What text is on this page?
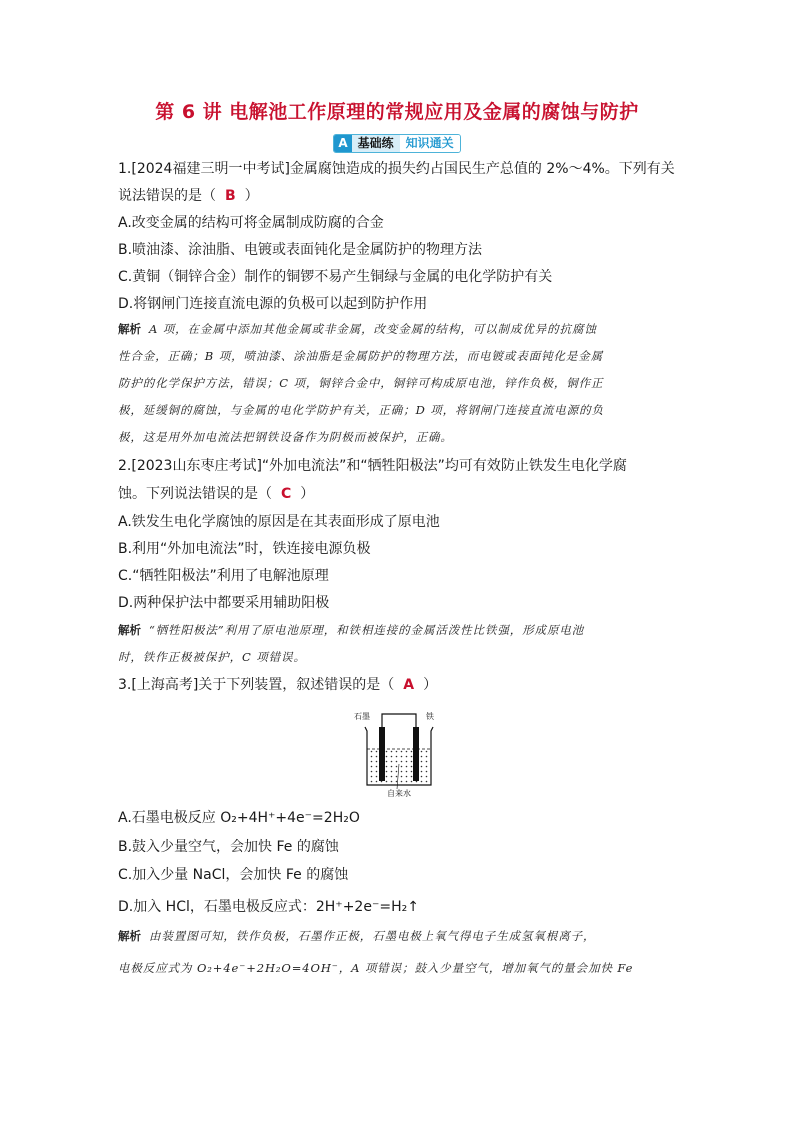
第 6 讲 电解池工作原理的常规应用及金属的腐蚀与防护
A 基础练	知识通关
1.[2024福建三明一中考试]金属腐蚀造成的损失约占国民生产总值的 2%～4%。下列有关
说法错误的是（ B ）
A.改变金属的结构可将金属制成防腐的合金
B.喷油漆、涂油脂、电镀或表面钝化是金属防护的物理方法
C.黄铜（铜锌合金）制作的铜锣不易产生铜绿与金属的电化学防护有关
D.将钢闸门连接直流电源的负极可以起到防护作用
解析 A 项，在金属中添加其他金属或非金属，改变金属的结构，可以制成优异的抗腐蚀
性合金，正确；B 项，喷油漆、涂油脂是金属防护的物理方法，而电镀或表面钝化是金属
防护的化学保护方法，错误；C 项，铜锌合金中，铜锌可构成原电池，锌作负极，铜作正
极，延缓铜的腐蚀，与金属的电化学防护有关，正确；D 项，将钢闸门连接直流电源的负
极，这是用外加电流法把钢铁设备作为阴极而被保护，正确。
2.[2023山东枣庄考试]“外加电流法”和“牺牲阳极法”均可有效防止铁发生电化学腐
蚀。下列说法错误的是（ C ）
A.铁发生电化学腐蚀的原因是在其表面形成了原电池
B.利用“外加电流法”时，铁连接电源负极
C.“牺牲阳极法”利用了电解池原理
D.两种保护法中都要采用辅助阳极
解析 “牺牲阳极法”利用了原电池原理，和铁相连接的金属活泼性比铁强，形成原电池
时，铁作正极被保护，C 项错误。
3.[上海高考]关于下列装置，叙述错误的是（ A ）
石墨	铁
自来水
A.石墨电极反应 O₂+4H⁺+4e⁻=2H₂O
B.鼓入少量空气，会加快 Fe 的腐蚀
C.加入少量 NaCl，会加快 Fe 的腐蚀
D.加入 HCl，石墨电极反应式：2H⁺+2e⁻=H₂↑
解析 由装置图可知，铁作负极，石墨作正极，石墨电极上氧气得电子生成氢氧根离子，
电极反应式为 O₂+4e⁻+2H₂O=4OH⁻，A 项错误；鼓入少量空气，增加氧气的量会加快 Fe
